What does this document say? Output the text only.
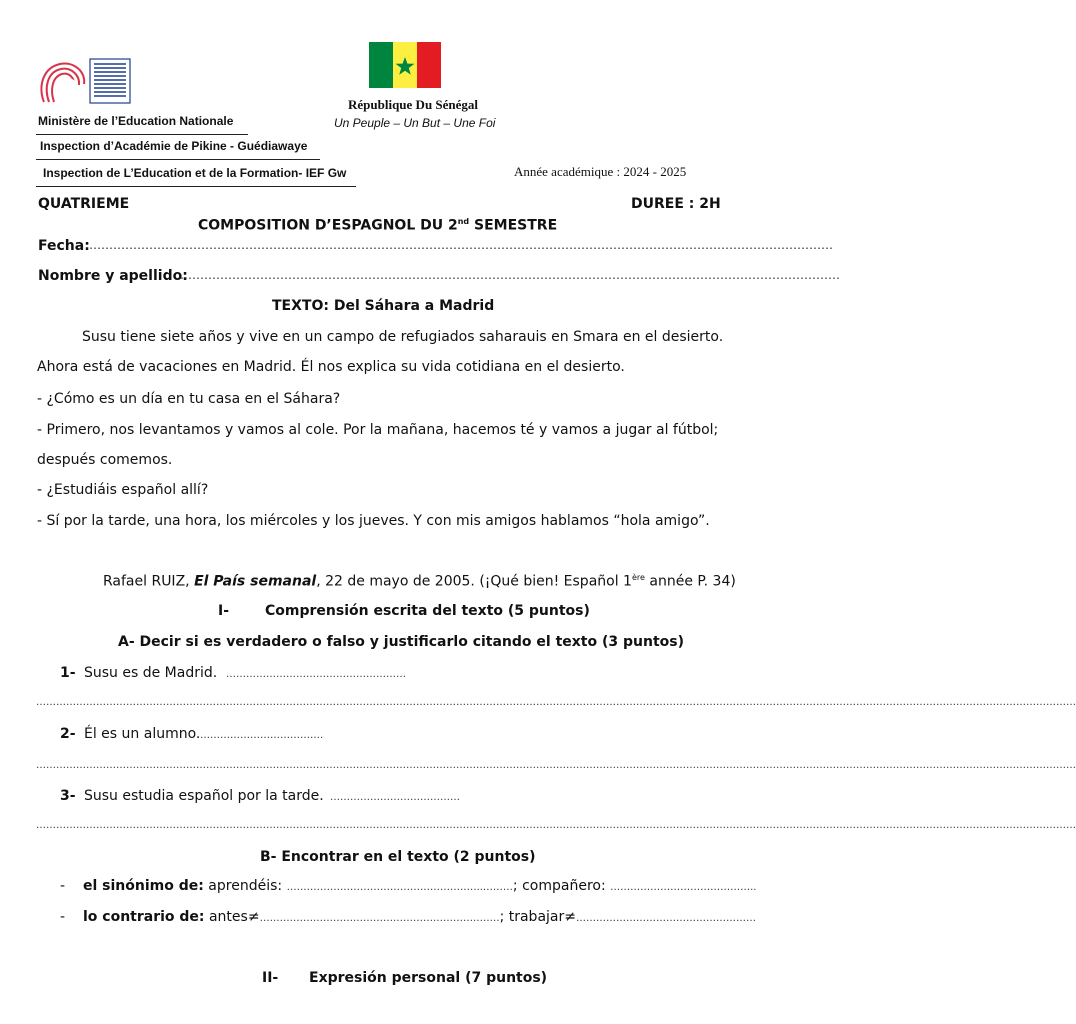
Ministère de l’Education Nationale
Inspection d’Académie de Pikine - Guédiawaye
Inspection de L’Education et de la Formation- IEF Gw
République Du Sénégal
Un Peuple – Un But – Une Foi
Année académique : 2024 - 2025
QUATRIEME	DUREE : 2H
COMPOSITION D’ESPAGNOL DU 2nd SEMESTRE
Fecha: ……………………………………………………………………………………………………………………………………………………………………
Nombre y apellido:
…………………………………………………………………………………………………………………………………………………
TEXTO: Del Sáhara a Madrid
Susu tiene siete años y vive en un campo de refugiados saharauis en Smara en el desierto.
Ahora está de vacaciones en Madrid. Él nos explica su vida cotidiana en el desierto.
- ¿Cómo es un día en tu casa en el Sáhara?
- Primero, nos levantamos y vamos al cole. Por la mañana, hacemos té y vamos a jugar al fútbol;
después comemos.
- ¿Estudiáis español allí?
- Sí por la tarde, una hora, los miércoles y los jueves. Y con mis amigos hablamos “hola amigo”.
Rafael RUIZ, El País semanal, 22 de mayo de 2005. (¡Qué bien! Español 1ère année P. 34)
I-	Comprensión escrita del texto (5 puntos)
A- Decir si es verdadero o falso y justificarlo citando el texto (3 puntos)
1- Susu es de Madrid. ………………………………………………
……………………………………………………………………………………………………………………………………………………………………………………………………………………………………………………………………………………
2- Él es un alumno. ……………………………….
……………………………………………………………………………………………………………………………………………………………………………………………………………………………………………………………………………………
3- Susu estudia español por la tarde. …………………………………
……………………………………………………………………………………………………………………………………………………………………………………………………………………………………………………………………………………
B- Encontrar en el texto (2 puntos)
- el sinónimo de: aprendéis: …………………………………………………..………; compañero: ……………………………………..
- lo contrario de: antes≠………………………………………………………………; trabajar≠………………………………………………
II- Expresión personal (7 puntos)
